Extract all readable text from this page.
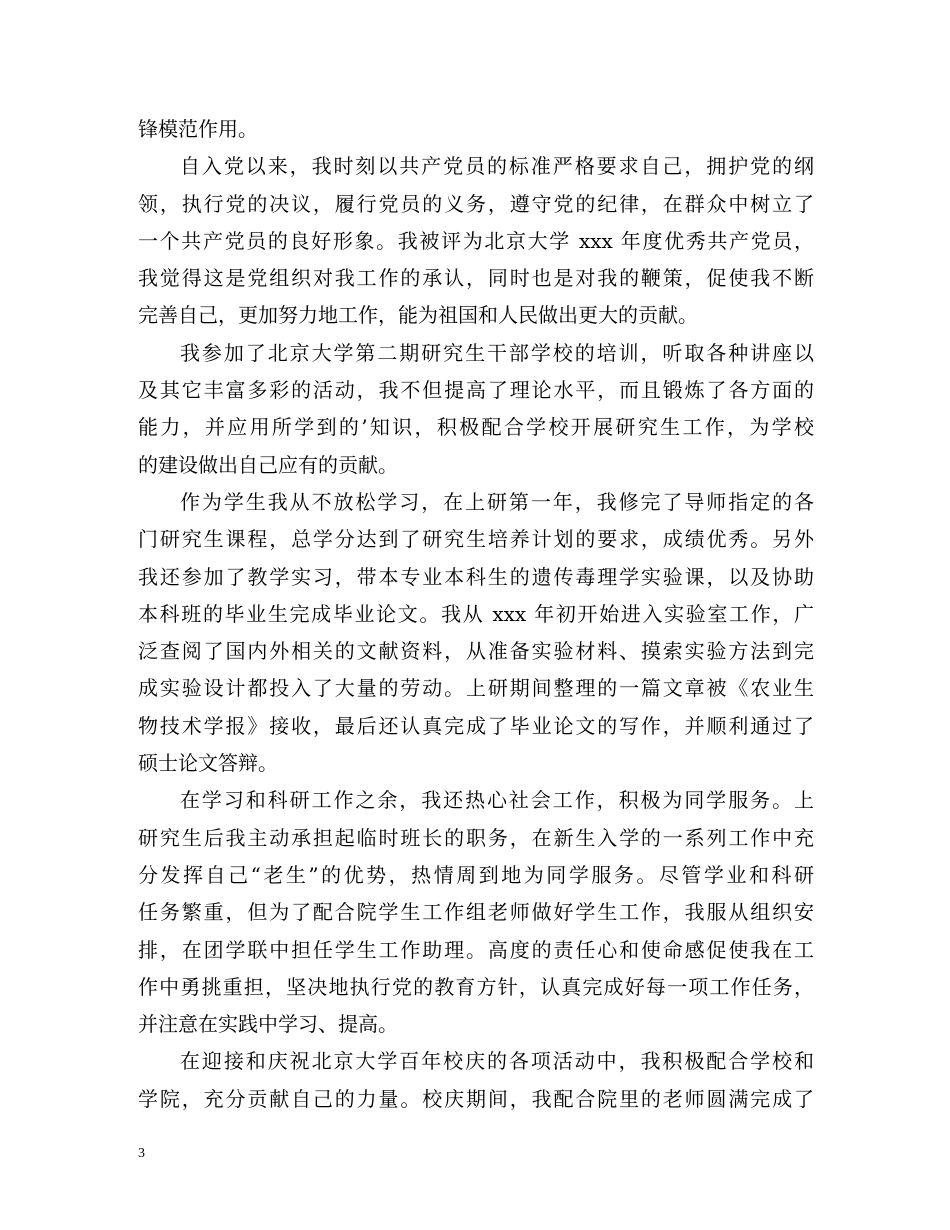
锋模范作用。
自入党以来，我时刻以共产党员的标准严格要求自己，拥护党的纲
领，执行党的决议，履行党员的义务，遵守党的纪律，在群众中树立了
一个共产党员的良好形象。我被评为北京大学 xxx 年度优秀共产党员，
我觉得这是党组织对我工作的承认，同时也是对我的鞭策，促使我不断
完善自己，更加努力地工作，能为祖国和人民做出更大的贡献。
我参加了北京大学第二期研究生干部学校的培训，听取各种讲座以
及其它丰富多彩的活动，我不但提高了理论水平，而且锻炼了各方面的
能力，并应用所学到的’知识，积极配合学校开展研究生工作，为学校
的建设做出自己应有的贡献。
作为学生我从不放松学习，在上研第一年，我修完了导师指定的各
门研究生课程，总学分达到了研究生培养计划的要求，成绩优秀。另外
我还参加了教学实习，带本专业本科生的遗传毒理学实验课，以及协助
本科班的毕业生完成毕业论文。我从 xxx 年初开始进入实验室工作，广
泛查阅了国内外相关的文献资料，从准备实验材料、摸索实验方法到完
成实验设计都投入了大量的劳动。上研期间整理的一篇文章被《农业生
物技术学报》接收，最后还认真完成了毕业论文的写作，并顺利通过了
硕士论文答辩。
在学习和科研工作之余，我还热心社会工作，积极为同学服务。上
研究生后我主动承担起临时班长的职务，在新生入学的一系列工作中充
分发挥自己“老生”的优势，热情周到地为同学服务。尽管学业和科研
任务繁重，但为了配合院学生工作组老师做好学生工作，我服从组织安
排，在团学联中担任学生工作助理。高度的责任心和使命感促使我在工
作中勇挑重担，坚决地执行党的教育方针，认真完成好每一项工作任务，
并注意在实践中学习、提高。
在迎接和庆祝北京大学百年校庆的各项活动中，我积极配合学校和
学院，充分贡献自己的力量。校庆期间，我配合院里的老师圆满完成了
3
